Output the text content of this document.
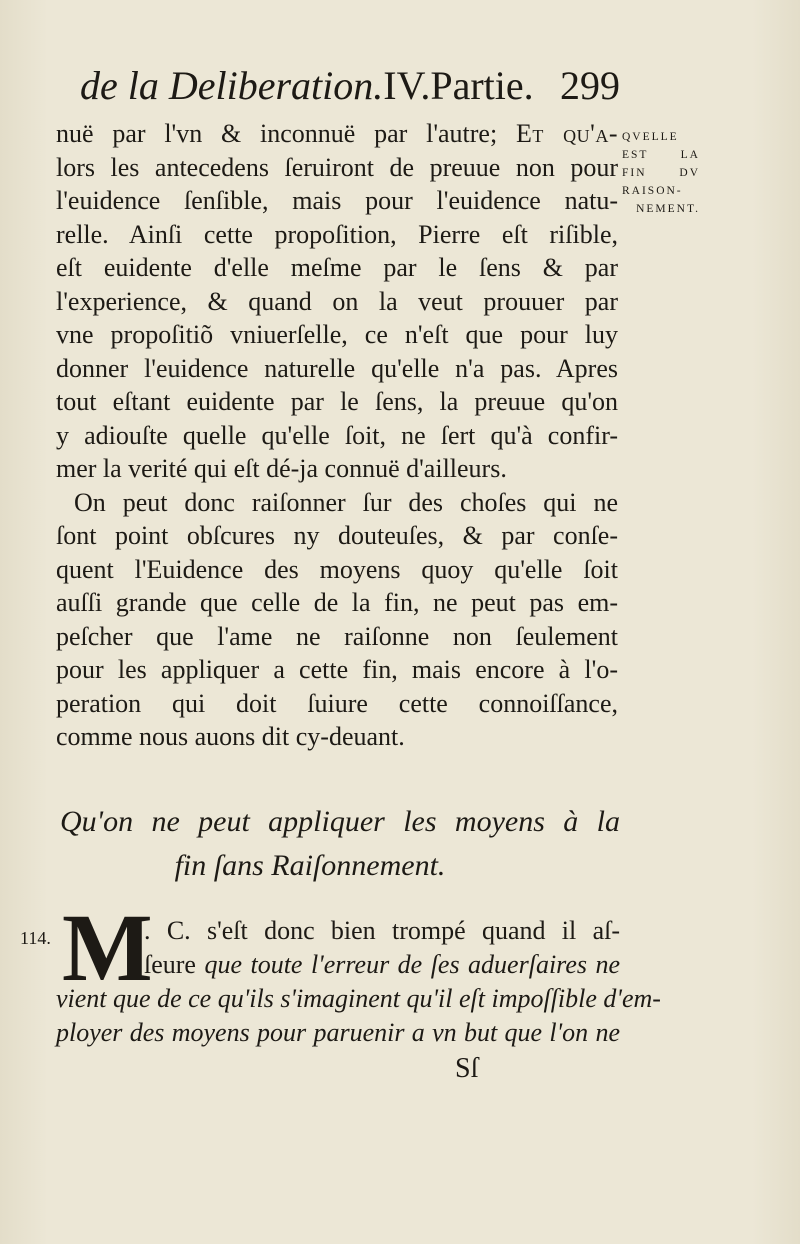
de la Deliberation.IV.Partie. 299
nuë par l'vn & inconnuë par l'autre; Et qu'a-
lors les antecedens ſeruiront de preuue non pour
l'euidence ſenſible, mais pour l'euidence natu-
relle. Ainſi cette propoſition, Pierre eſt riſible,
eſt euidente d'elle meſme par le ſens & par
l'experience, & quand on la veut prouuer par
vne propoſitiõ vniuerſelle, ce n'eſt que pour luy
donner l'euidence naturelle qu'elle n'a pas. Apres
tout eſtant euidente par le ſens, la preuue qu'on
y adiouſte quelle qu'elle ſoit, ne ſert qu'à confir-
mer la verité qui eſt dé-ja connuë d'ailleurs.
On peut donc raiſonner ſur des choſes qui ne
ſont point obſcures ny douteuſes, & par conſe-
quent l'Euidence des moyens quoy qu'elle ſoit
auſſi grande que celle de la fin, ne peut pas em-
peſcher que l'ame ne raiſonne non ſeulement
pour les appliquer a cette fin, mais encore à l'o-
peration qui doit ſuiure cette connoiſſance,
comme nous auons dit cy-deuant.
QVELLE
EST LA
FIN DV
RAISON-
NEMENT.
Qu'on ne peut appliquer les moyens à la
fin ſans Raiſonnement.
114. M
. C. s'eſt donc bien trompé quand il aſ-
ſeure que toute l'erreur de ſes aduerſaires ne
vient que de ce qu'ils s'imaginent qu'il eſt impoſſible d'em-
ployer des moyens pour paruenir a vn but que l'on ne
Sſ
